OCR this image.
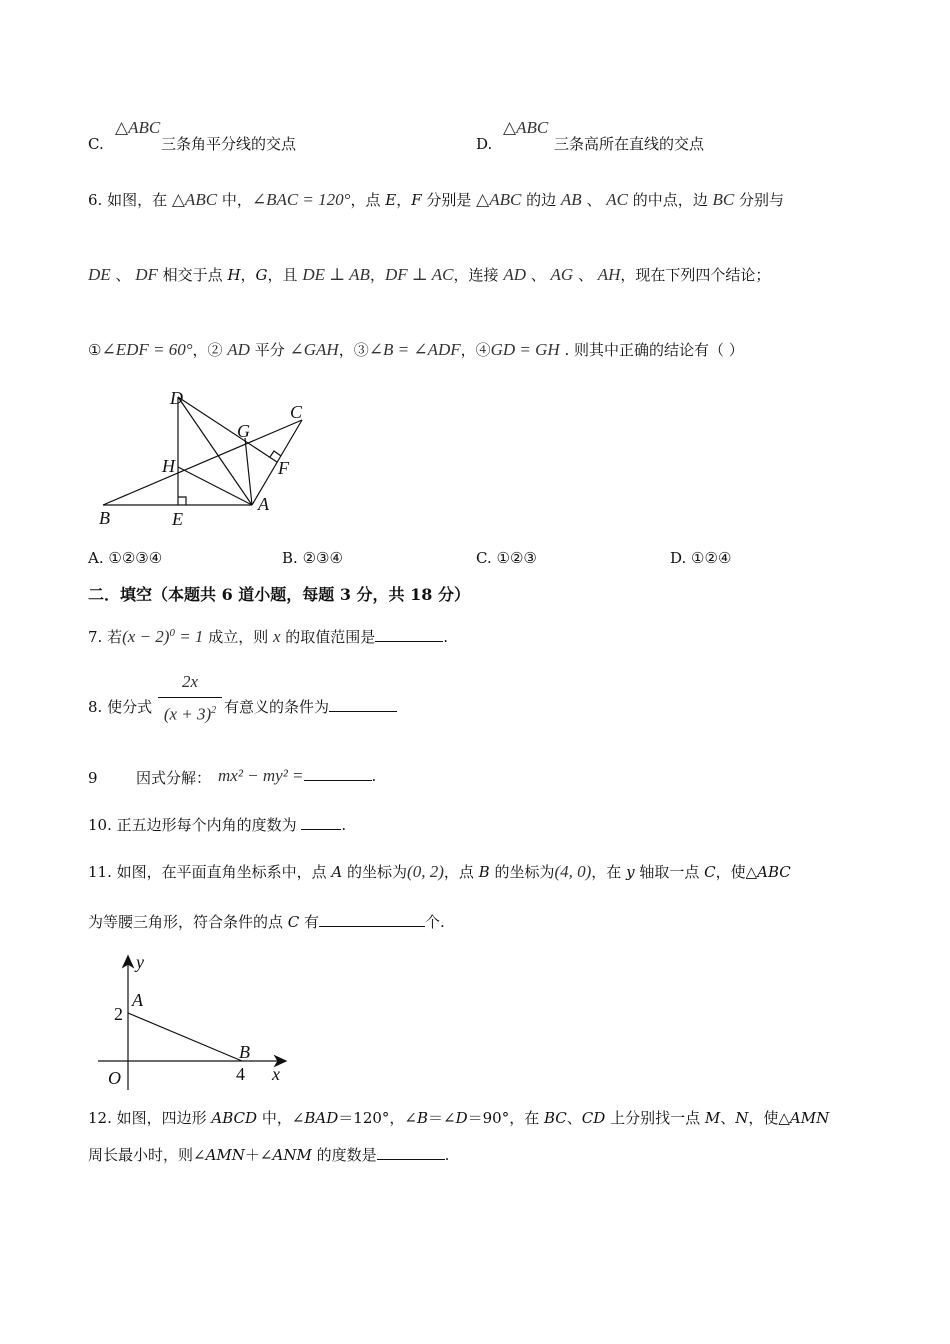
C.
△ABC
三条角平分线的交点	D.
△ABC
三条高所在直线的交点
6. 如图，在 △ABC 中，∠BAC = 120°，点 E，F 分别是 △ABC 的边 AB 、 AC 的中点，边 BC 分别与
DE 、 DF 相交于点 H，G，且 DE ⊥ AB，DF ⊥ AC，连接 AD 、 AG 、 AH，现在下列四个结论；
①∠EDF = 60°，② AD 平分 ∠GAH，③∠B = ∠ADF，④GD = GH . 则其中正确的结论有（ ）
D
C
G
H	F
B	E
A
A. ①②③④	B. ②③④	C. ①②③	D. ①②④
二．填空（本题共 6 道小题，每题 3 分，共 18 分）
7. 若$(x - 2)^0 = 1$ 成立，则 x 的取值范围是	.
8. 使分式
2x
$(x + 3)^2$ 有意义的条件为
9	因式分解： mx² − my² =	.
10. 正五边形每个内角的度数为	.
11. 如图，在平面直角坐标系中，点 A 的坐标为(0, 2)，点 B 的坐标为(4, 0)，在 y 轴取一点 C，使△ABC
为等腰三角形，符合条件的点 C 有	个.
y
x
O
A
B
2
4
12. 如图，四边形 ABCD 中，∠BAD＝120°，∠B＝∠D＝90°，在 BC、CD 上分别找一点 M、N，使△AMN
周长最小时，则∠AMN＋∠ANM 的度数是	.
